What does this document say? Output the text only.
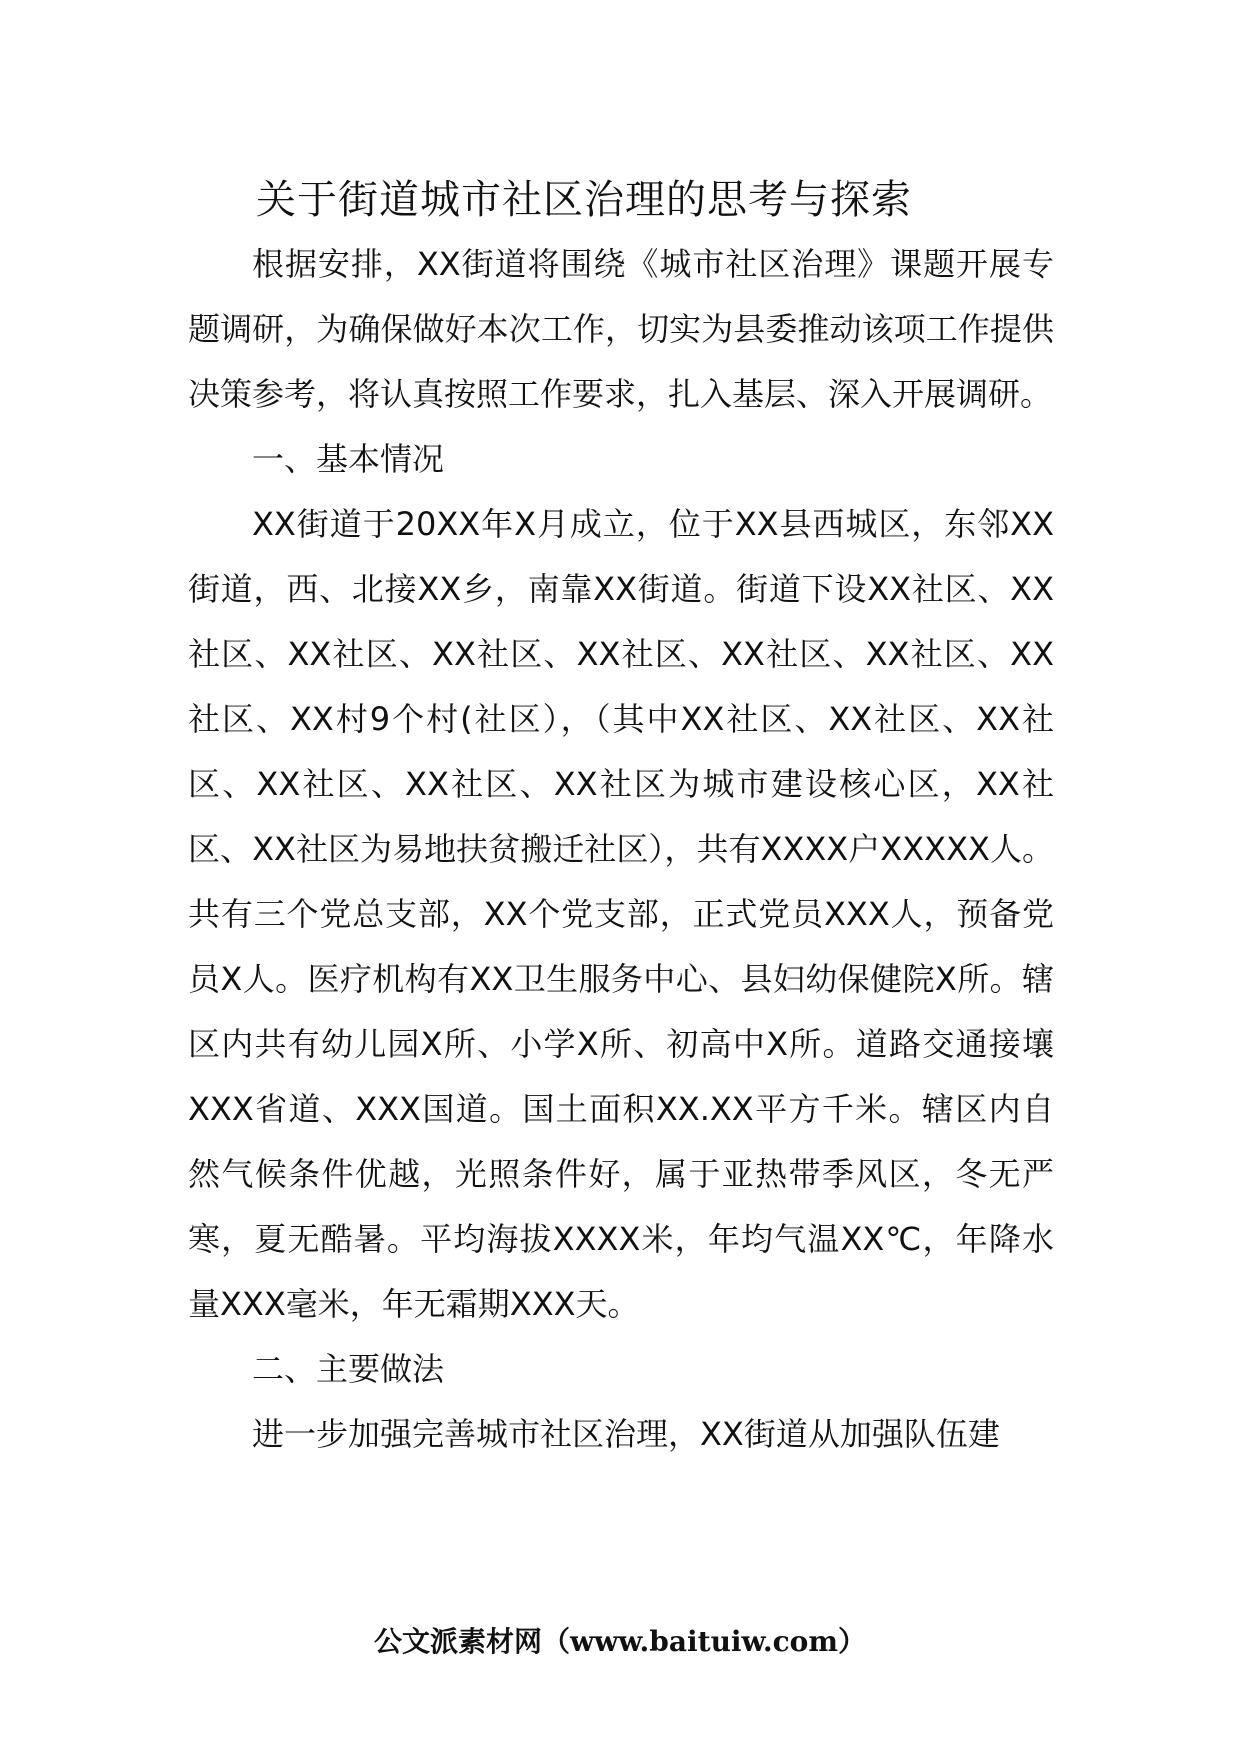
关于街道城市社区治理的思考与探索

根据安排，XX街道将围绕《城市社区治理》课题开展专题调研，为确保做好本次工作，切实为县委推动该项工作提供决策参考，将认真按照工作要求，扎入基层、深入开展调研。

一、基本情况

XX街道于20XX年X月成立，位于XX县西城区，东邻XX街道，西、北接XX乡，南靠XX街道。街道下设XX社区、XX社区、XX社区、XX社区、XX社区、XX社区、XX社区、XX社区、XX村9个村(社区），（其中XX社区、XX社区、XX社区、XX社区、XX社区、XX社区为城市建设核心区，XX社区、XX社区为易地扶贫搬迁社区），共有XXXX户XXXXX人。共有三个党总支部，XX个党支部，正式党员XXX人，预备党员X人。医疗机构有XX卫生服务中心、县妇幼保健院X所。辖区内共有幼儿园X所、小学X所、初高中X所。道路交通接壤XXX省道、XXX国道。国土面积XX.XX平方千米。辖区内自然气候条件优越，光照条件好，属于亚热带季风区，冬无严寒，夏无酷暑。平均海拔XXXX米，年均气温XX℃，年降水量XXX毫米，年无霜期XXX天。

二、主要做法

进一步加强完善城市社区治理，XX街道从加强队伍建

公文派素材网（www.baituiw.com）
